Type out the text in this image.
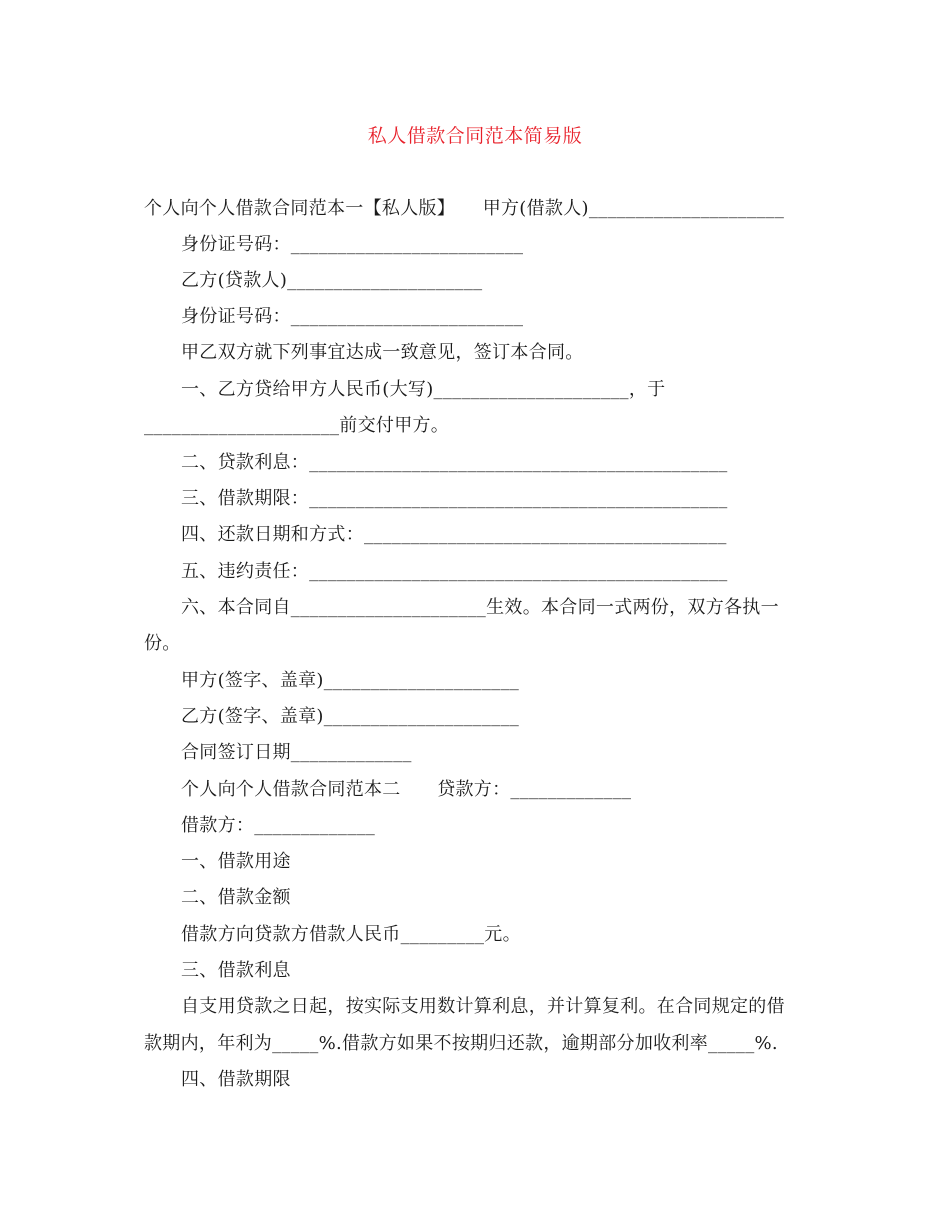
私人借款合同范本简易版
个人向个人借款合同范本一【私人版】　　甲方(借款人)_____________________
身份证号码：_________________________
乙方(贷款人)_____________________
身份证号码：_________________________
甲乙双方就下列事宜达成一致意见，签订本合同。
一、乙方贷给甲方人民币(大写)_____________________，于
_____________________前交付甲方。
二、贷款利息：_____________________________________________
三、借款期限：_____________________________________________
四、还款日期和方式：_______________________________________
五、违约责任：_____________________________________________
六、本合同自_____________________生效。本合同一式两份，双方各执一
份。
甲方(签字、盖章)_____________________
乙方(签字、盖章)_____________________
合同签订日期_____________
个人向个人借款合同范本二　　贷款方：_____________
借款方：_____________
一、借款用途
二、借款金额
借款方向贷款方借款人民币_________元。
三、借款利息
自支用贷款之日起，按实际支用数计算利息，并计算复利。在合同规定的借
款期内，年利为_____%.借款方如果不按期归还款，逾期部分加收利率_____%.
四、借款期限
